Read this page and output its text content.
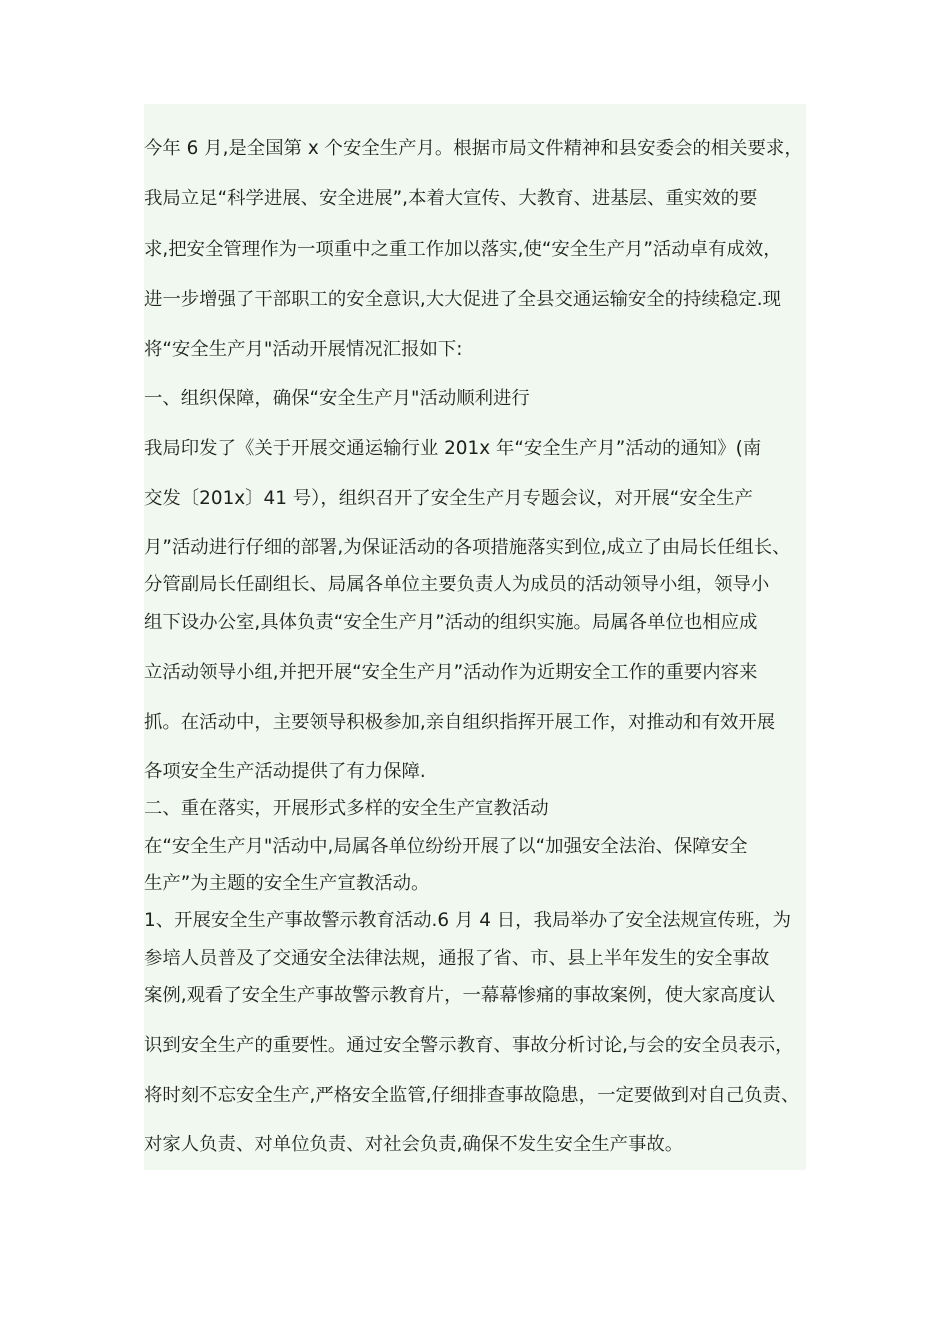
今年 6 月,是全国第 x 个安全生产月。根据市局文件精神和县安委会的相关要求，
我局立足“科学进展、安全进展”,本着大宣传、大教育、进基层、重实效的要
求,把安全管理作为一项重中之重工作加以落实,使“安全生产月”活动卓有成效，
进一步增强了干部职工的安全意识,大大促进了全县交通运输安全的持续稳定.现
将“安全生产月"活动开展情况汇报如下:
一、组织保障，确保“安全生产月"活动顺利进行
我局印发了《关于开展交通运输行业 201x 年“安全生产月”活动的通知》(南
交发〔201x〕41 号），组织召开了安全生产月专题会议，对开展“安全生产
月”活动进行仔细的部署,为保证活动的各项措施落实到位,成立了由局长任组长、
分管副局长任副组长、局属各单位主要负责人为成员的活动领导小组，领导小
组下设办公室,具体负责“安全生产月”活动的组织实施。局属各单位也相应成
立活动领导小组,并把开展“安全生产月”活动作为近期安全工作的重要内容来
抓。在活动中，主要领导积极参加,亲自组织指挥开展工作，对推动和有效开展
各项安全生产活动提供了有力保障.
二、重在落实，开展形式多样的安全生产宣教活动
在“安全生产月"活动中,局属各单位纷纷开展了以“加强安全法治、保障安全
生产”为主题的安全生产宣教活动。
1、开展安全生产事故警示教育活动.6 月 4 日，我局举办了安全法规宣传班，为
参培人员普及了交通安全法律法规，通报了省、市、县上半年发生的安全事故
案例,观看了安全生产事故警示教育片，一幕幕惨痛的事故案例，使大家高度认
识到安全生产的重要性。通过安全警示教育、事故分析讨论,与会的安全员表示，
将时刻不忘安全生产,严格安全监管,仔细排查事故隐患，一定要做到对自己负责、
对家人负责、对单位负责、对社会负责,确保不发生安全生产事故。
